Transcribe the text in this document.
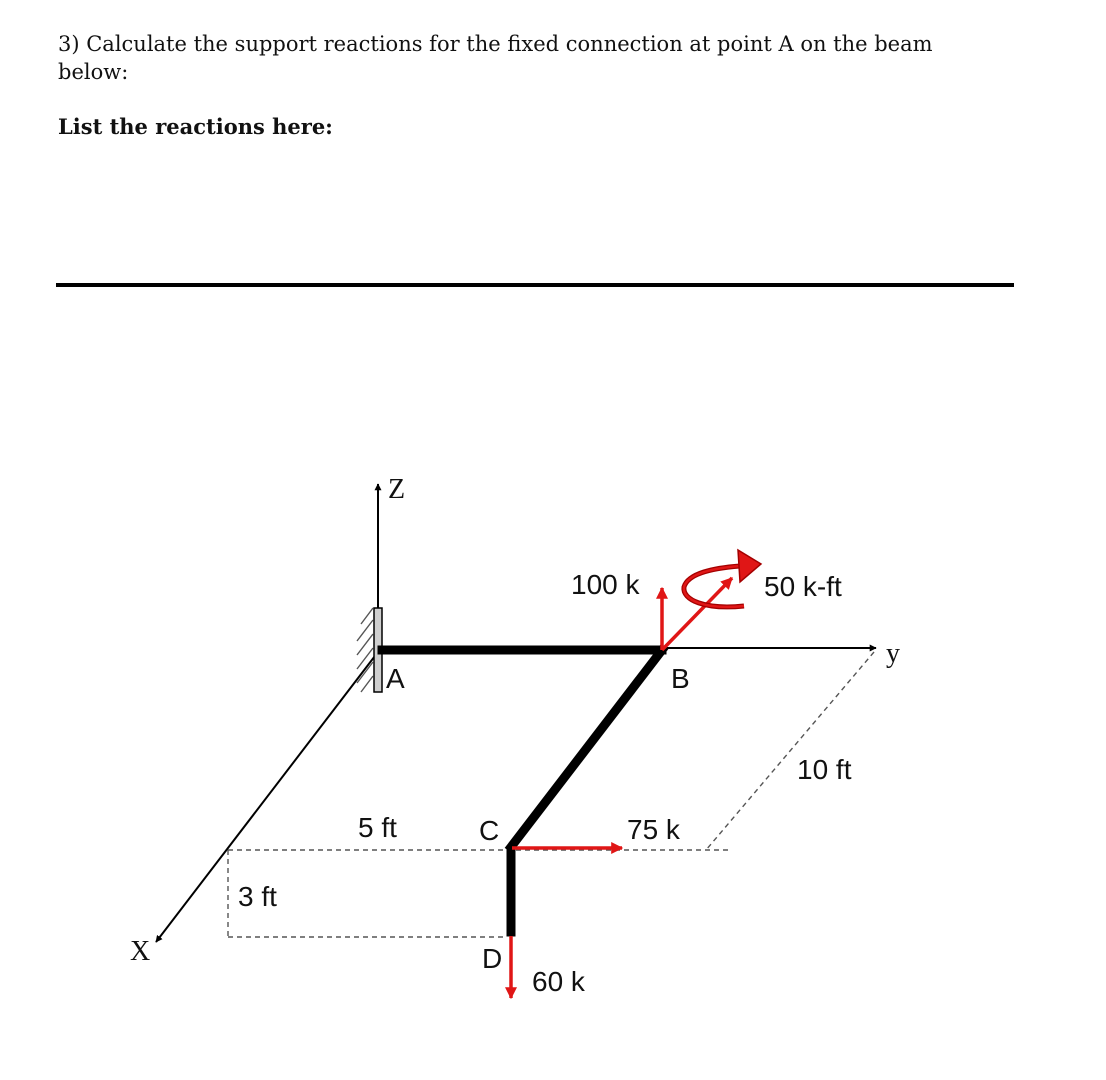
3) Calculate the support reactions for the fixed connection at point A on the beam below:

List the reactions here:

Z
y
X
A	B
C
D
5 ft
10 ft
3 ft
100 k	50 k-ft
75 k
60 k
